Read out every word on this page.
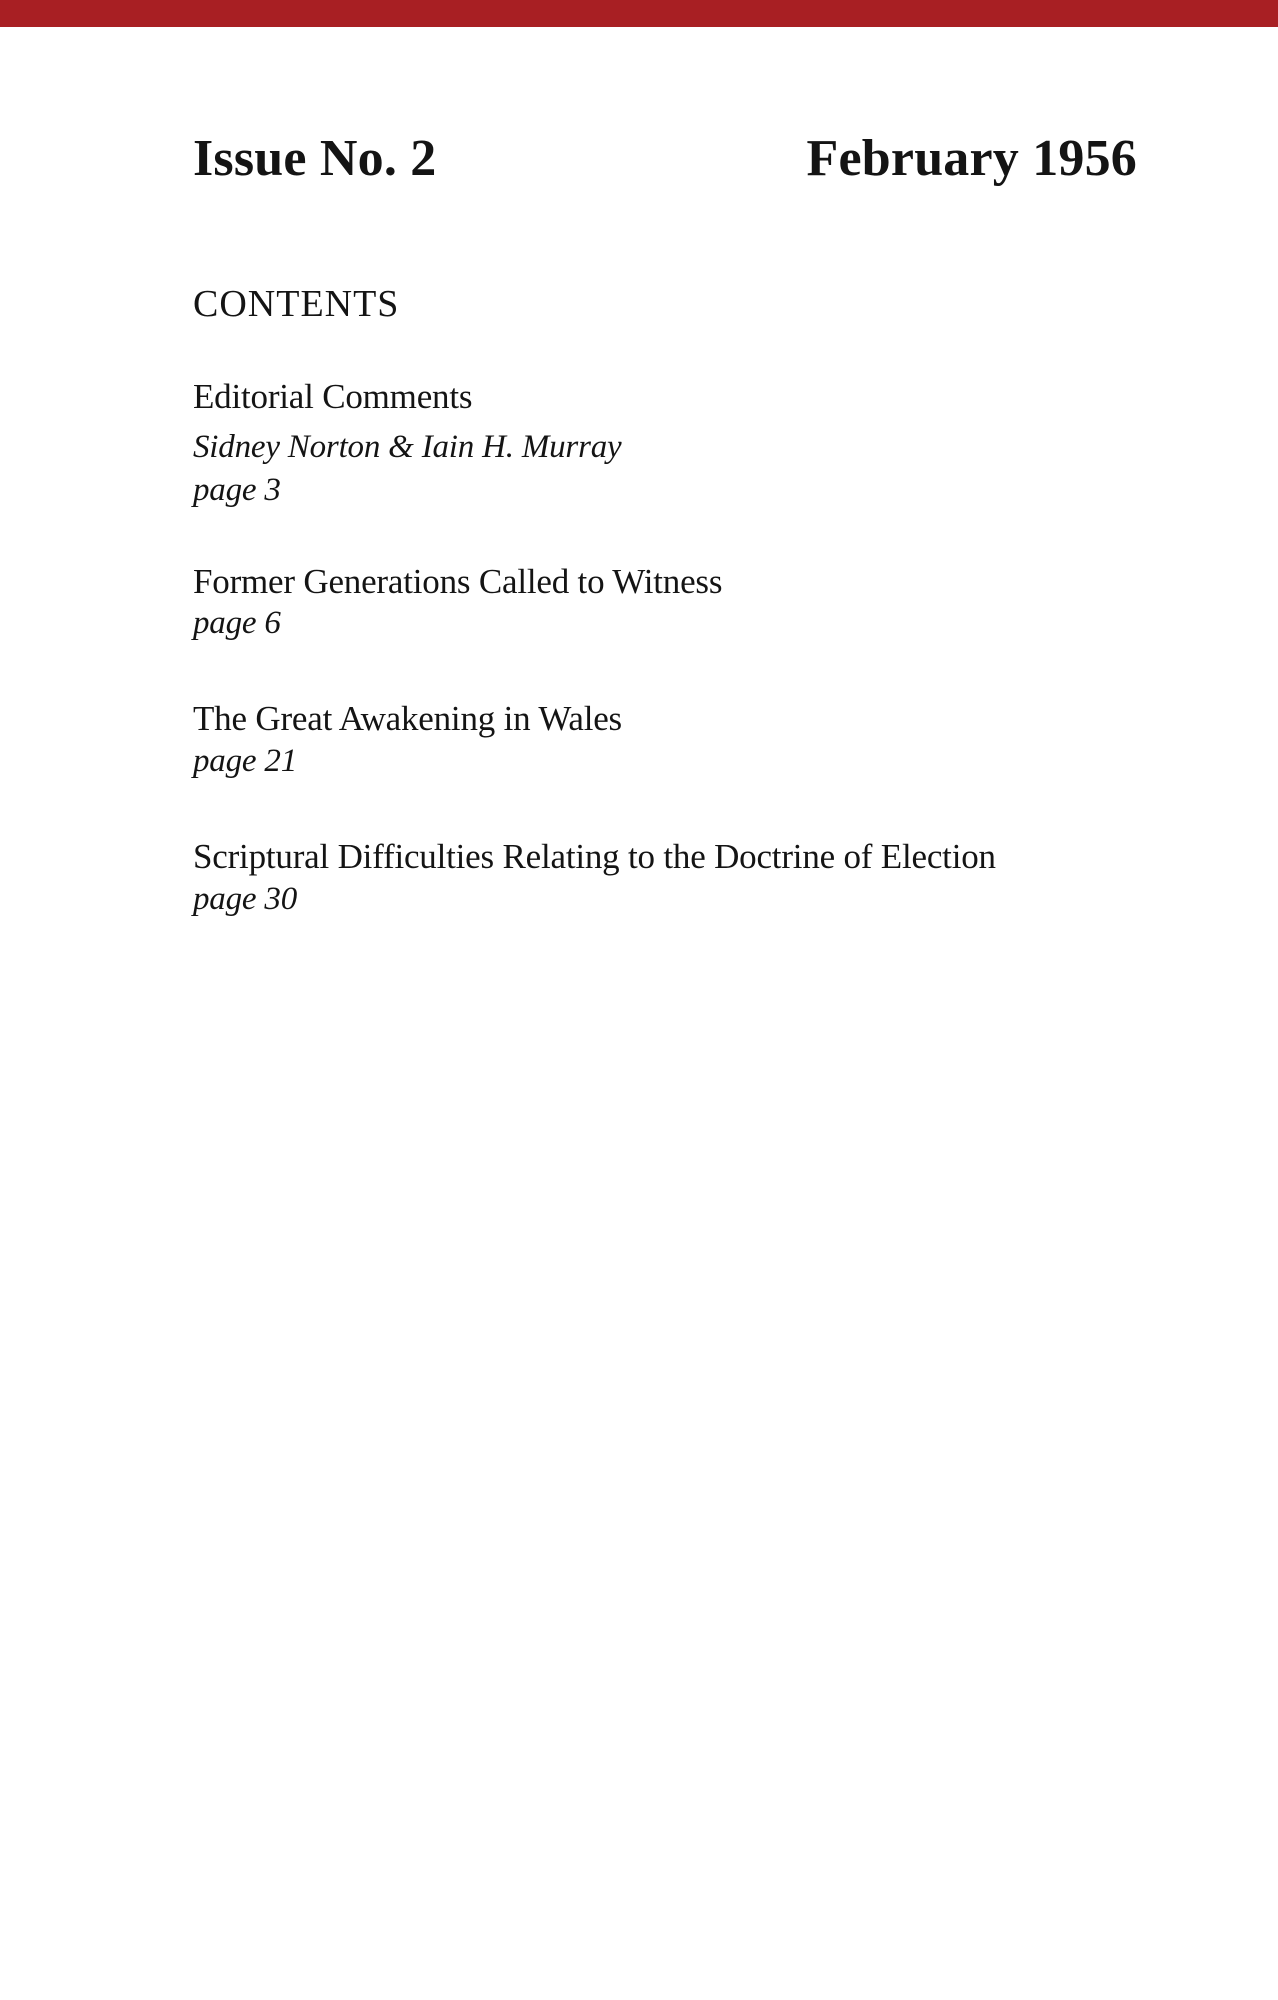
Issue No. 2	February 1956
CONTENTS
Editorial Comments
Sidney Norton & Iain H. Murray
page 3
Former Generations Called to Witness
page 6
The Great Awakening in Wales
page 21
Scriptural Difficulties Relating to the Doctrine of Election
page 30
